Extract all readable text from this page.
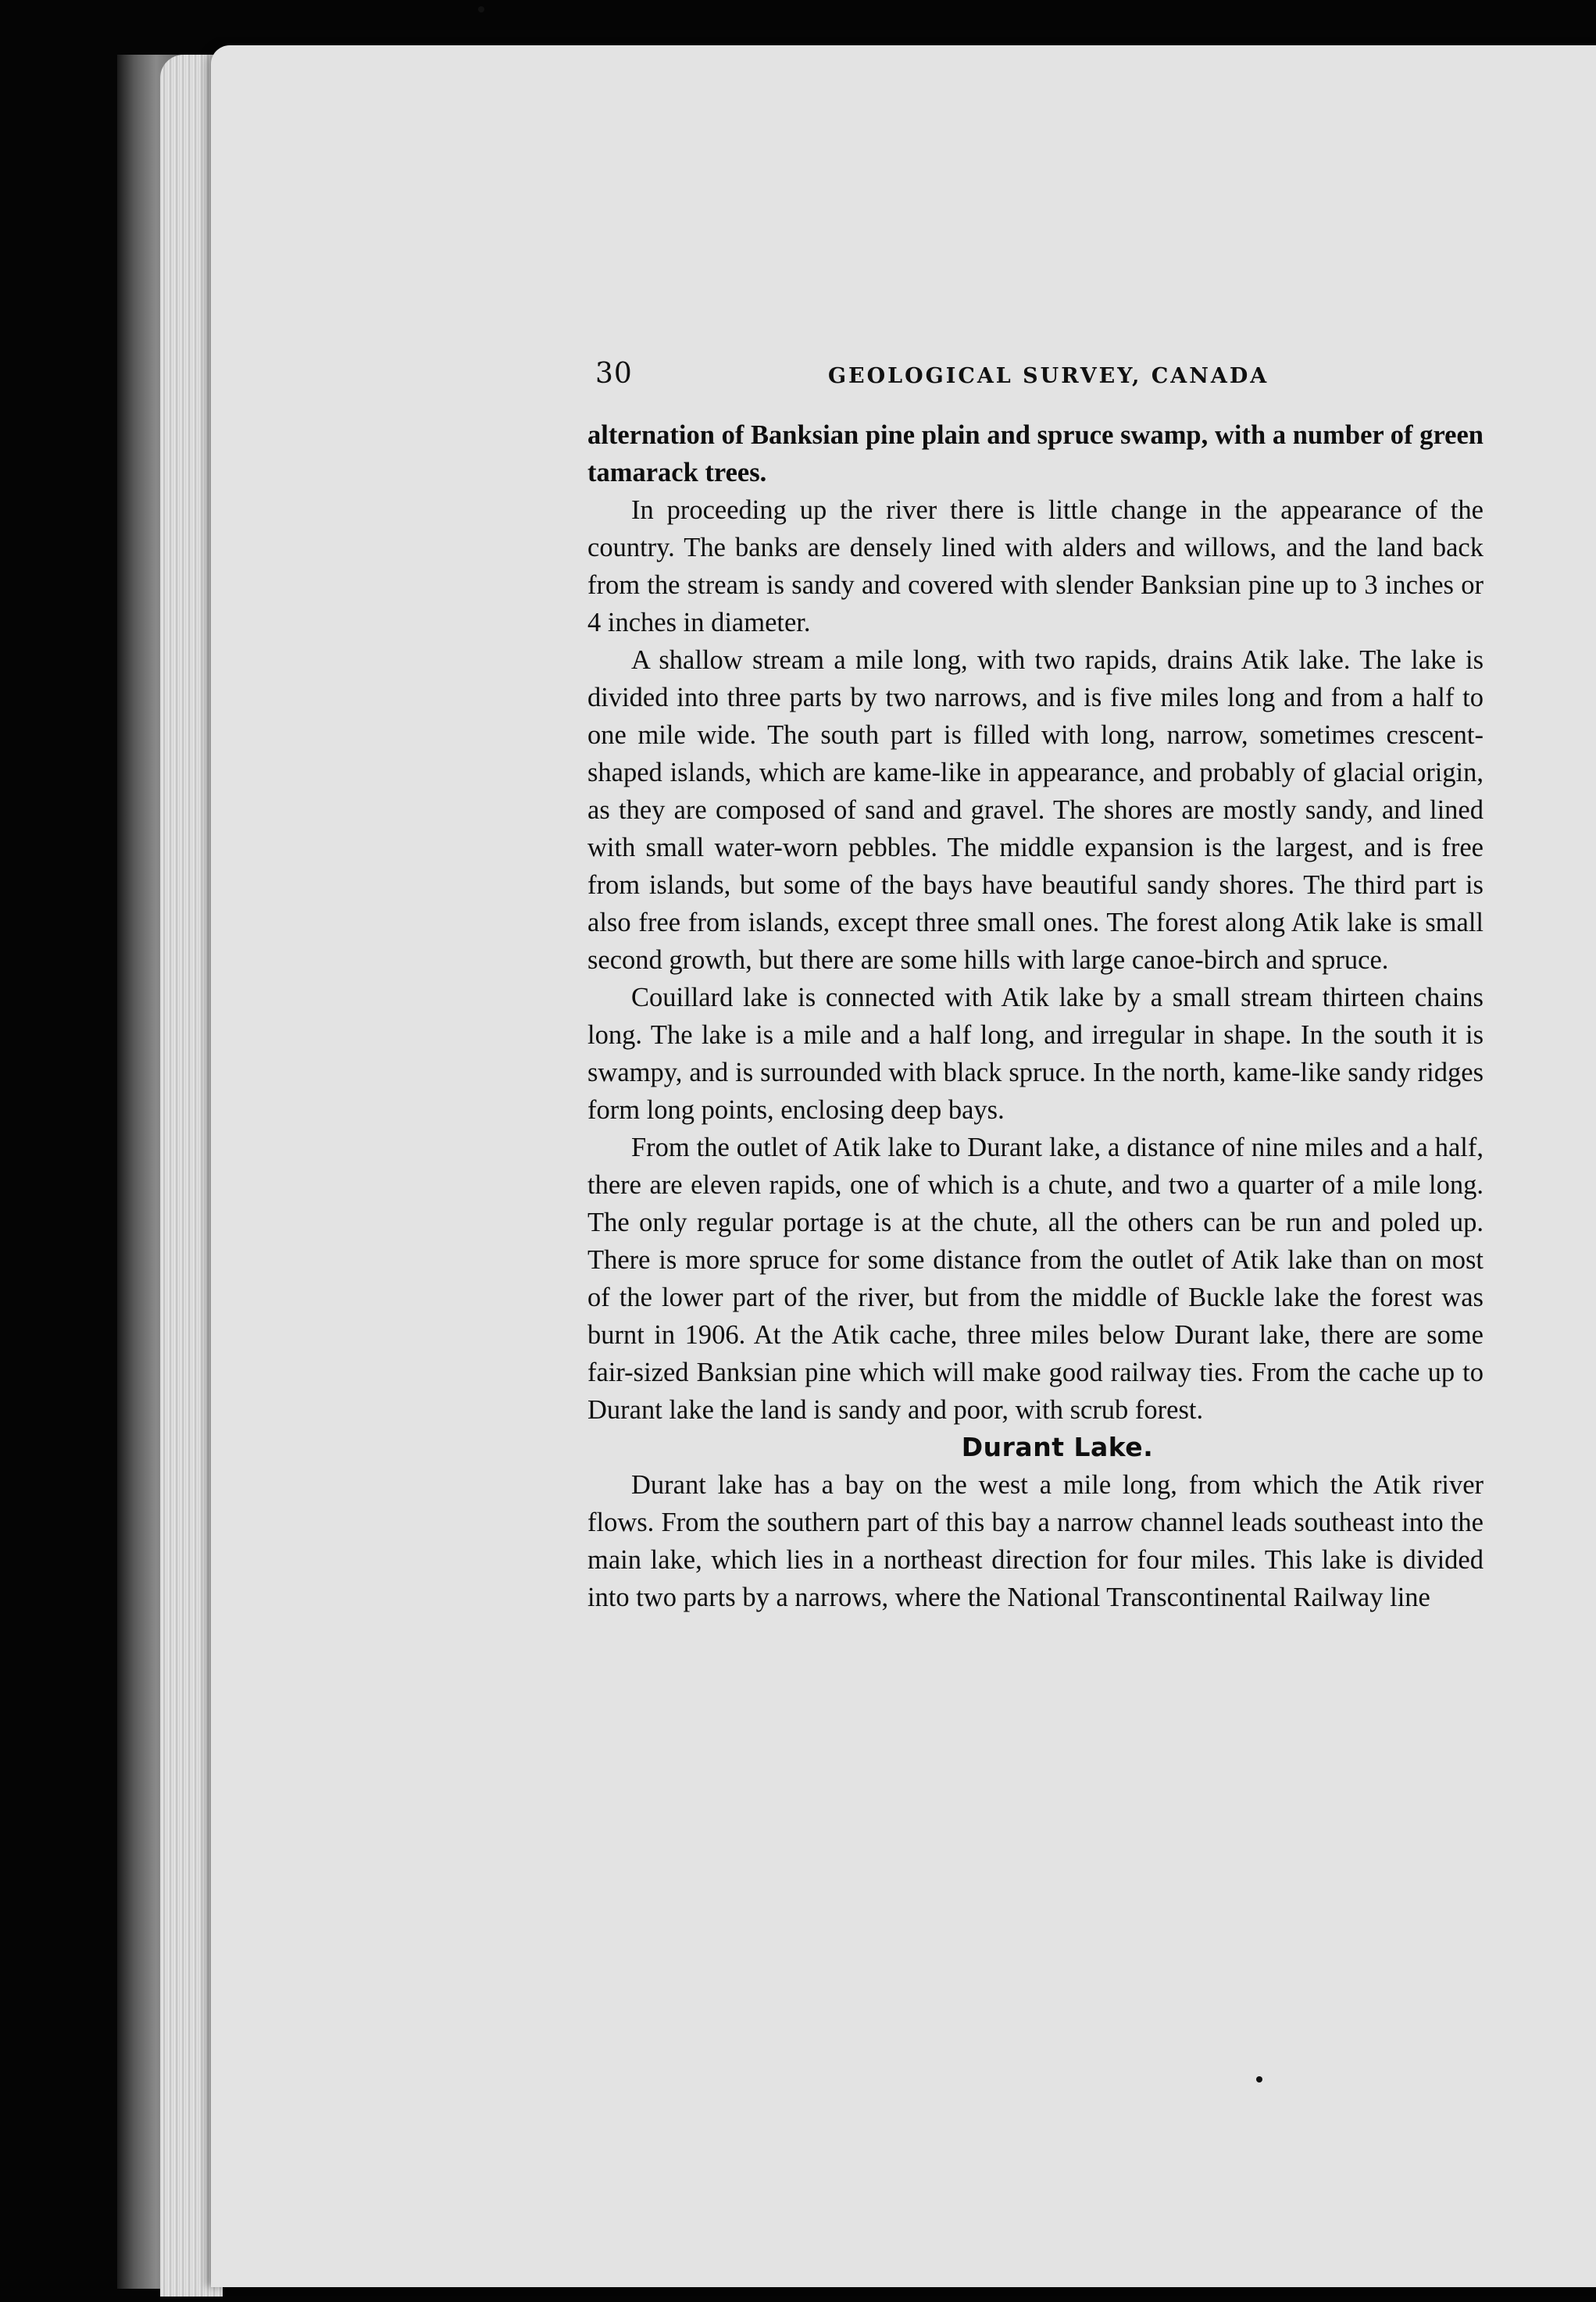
30	GEOLOGICAL SURVEY, CANADA

alternation of Banksian pine plain and spruce swamp, with a number of green tamarack trees.

In proceeding up the river there is little change in the appearance of the country. The banks are densely lined with alders and willows, and the land back from the stream is sandy and covered with slender Banksian pine up to 3 inches or 4 inches in diameter.

A shallow stream a mile long, with two rapids, drains Atik lake. The lake is divided into three parts by two narrows, and is five miles long and from a half to one mile wide. The south part is filled with long, narrow, sometimes crescent-shaped islands, which are kame-like in appearance, and probably of glacial origin, as they are composed of sand and gravel. The shores are mostly sandy, and lined with small water-worn pebbles. The middle expansion is the largest, and is free from islands, but some of the bays have beautiful sandy shores. The third part is also free from islands, except three small ones. The forest along Atik lake is small second growth, but there are some hills with large canoe-birch and spruce.

Couillard lake is connected with Atik lake by a small stream thirteen chains long. The lake is a mile and a half long, and irregular in shape. In the south it is swampy, and is surrounded with black spruce. In the north, kame-like sandy ridges form long points, enclosing deep bays.

From the outlet of Atik lake to Durant lake, a distance of nine miles and a half, there are eleven rapids, one of which is a chute, and two a quarter of a mile long. The only regular portage is at the chute, all the others can be run and poled up. There is more spruce for some distance from the outlet of Atik lake than on most of the lower part of the river, but from the middle of Buckle lake the forest was burnt in 1906. At the Atik cache, three miles below Durant lake, there are some fair-sized Banksian pine which will make good railway ties. From the cache up to Durant lake the land is sandy and poor, with scrub forest.

Durant Lake.

Durant lake has a bay on the west a mile long, from which the Atik river flows. From the southern part of this bay a narrow channel leads southeast into the main lake, which lies in a northeast direction for four miles. This lake is divided into two parts by a narrows, where the National Transcontinental Railway line
